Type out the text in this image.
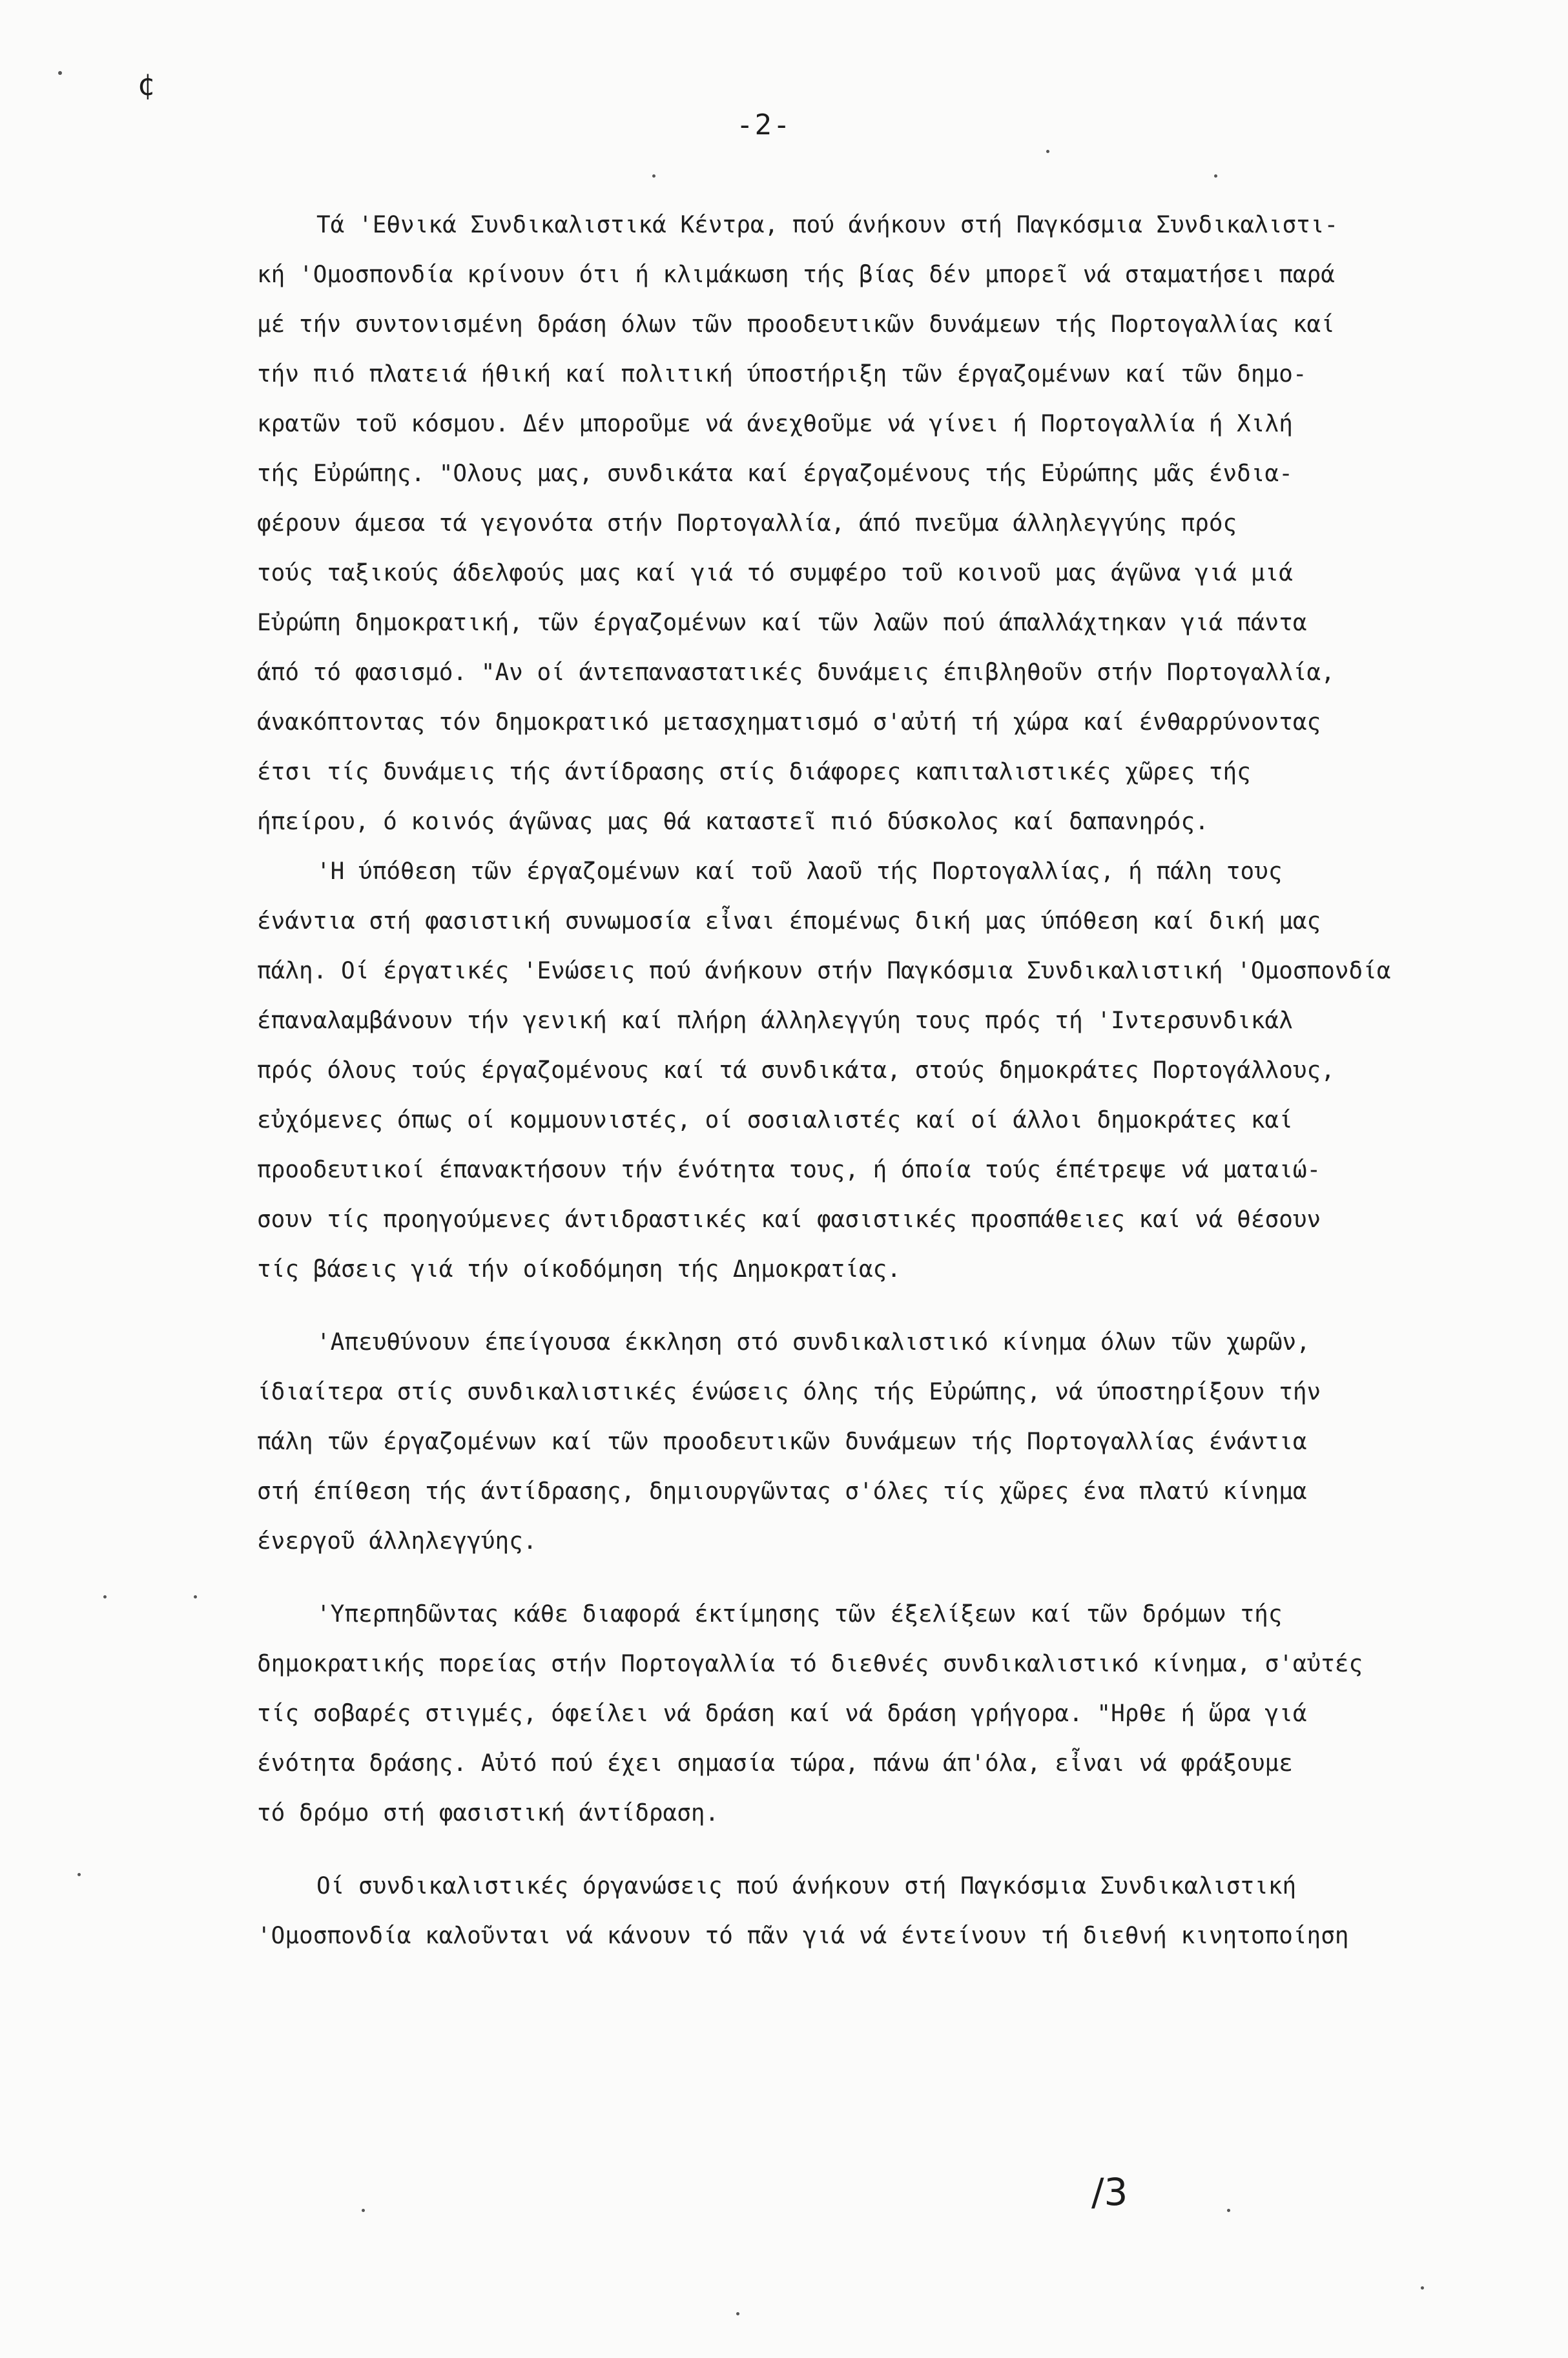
¢
-2-
Τά 'Εθνικά Συνδικαλιστικά Κέντρα, πού άνήκουν στή Παγκόσμια Συνδικαλιστι-
κή 'Ομοσπονδία κρίνουν ότι ή κλιμάκωση τής βίας δέν μπορεῖ νά σταματήσει παρά
μέ τήν συντονισμένη δράση όλων τῶν προοδευτικῶν δυνάμεων τής Πορτογαλλίας καί
τήν πιό πλατειά ήθική καί πολιτική ύποστήριξη τῶν έργαζομένων καί τῶν δημο-
κρατῶν τοῦ κόσμου. Δέν μποροῦμε νά άνεχθοῦμε νά γίνει ή Πορτογαλλία ή Χιλή
τής Εὐρώπης. "Ολους μας, συνδικάτα καί έργαζομένους τής Εὐρώπης μᾶς ένδια-
φέρουν άμεσα τά γεγονότα στήν Πορτογαλλία, άπό πνεῦμα άλληλεγγύης πρός
τούς ταξικούς άδελφούς μας καί γιά τό συμφέρο τοῦ κοινοῦ μας άγῶνα γιά μιά
Εὐρώπη δημοκρατική, τῶν έργαζομένων καί τῶν λαῶν πού άπαλλάχτηκαν γιά πάντα
άπό τό φασισμό. "Αν οί άντεπαναστατικές δυνάμεις έπιβληθοῦν στήν Πορτογαλλία,
άνακόπτοντας τόν δημοκρατικό μετασχηματισμό σ'αὐτή τή χώρα καί ένθαρρύνοντας
έτσι τίς δυνάμεις τής άντίδρασης στίς διάφορες καπιταλιστικές χῶρες τής
ήπείρου, ό κοινός άγῶνας μας θά καταστεῖ πιό δύσκολος καί δαπανηρός.
'Η ύπόθεση τῶν έργαζομένων καί τοῦ λαοῦ τής Πορτογαλλίας, ή πάλη τους
ένάντια στή φασιστική συνωμοσία εἶναι έπομένως δική μας ύπόθεση καί δική μας
πάλη. Οί έργατικές 'Ενώσεις πού άνήκουν στήν Παγκόσμια Συνδικαλιστική 'Ομοσπονδία
έπαναλαμβάνουν τήν γενική καί πλήρη άλληλεγγύη τους πρός τή 'Ιντερσυνδικάλ
πρός όλους τούς έργαζομένους καί τά συνδικάτα, στούς δημοκράτες Πορτογάλλους,
εὐχόμενες όπως οί κομμουνιστές, οί σοσιαλιστές καί οί άλλοι δημοκράτες καί
προοδευτικοί έπανακτήσουν τήν ένότητα τους, ή όποία τούς έπέτρεψε νά ματαιώ-
σουν τίς προηγούμενες άντιδραστικές καί φασιστικές προσπάθειες καί νά θέσουν
τίς βάσεις γιά τήν οίκοδόμηση τής Δημοκρατίας.
'Απευθύνουν έπείγουσα έκκληση στό συνδικαλιστικό κίνημα όλων τῶν χωρῶν,
ίδιαίτερα στίς συνδικαλιστικές ένώσεις όλης τής Εὐρώπης, νά ύποστηρίξουν τήν
πάλη τῶν έργαζομένων καί τῶν προοδευτικῶν δυνάμεων τής Πορτογαλλίας ένάντια
στή έπίθεση τής άντίδρασης, δημιουργῶντας σ'όλες τίς χῶρες ένα πλατύ κίνημα
ένεργοῦ άλληλεγγύης.
'Υπερπηδῶντας κάθε διαφορά έκτίμησης τῶν έξελίξεων καί τῶν δρόμων τής
δημοκρατικής πορείας στήν Πορτογαλλία τό διεθνές συνδικαλιστικό κίνημα, σ'αὐτές
τίς σοβαρές στιγμές, όφείλει νά δράση καί νά δράση γρήγορα. "Ηρθε ή ὥρα γιά
ένότητα δράσης. Αὐτό πού έχει σημασία τώρα, πάνω άπ'όλα, εἶναι νά φράξουμε
τό δρόμο στή φασιστική άντίδραση.
Οί συνδικαλιστικές όργανώσεις πού άνήκουν στή Παγκόσμια Συνδικαλιστική
'Ομοσπονδία καλοῦνται νά κάνουν τό πᾶν γιά νά έντείνουν τή διεθνή κινητοποίηση
/3
